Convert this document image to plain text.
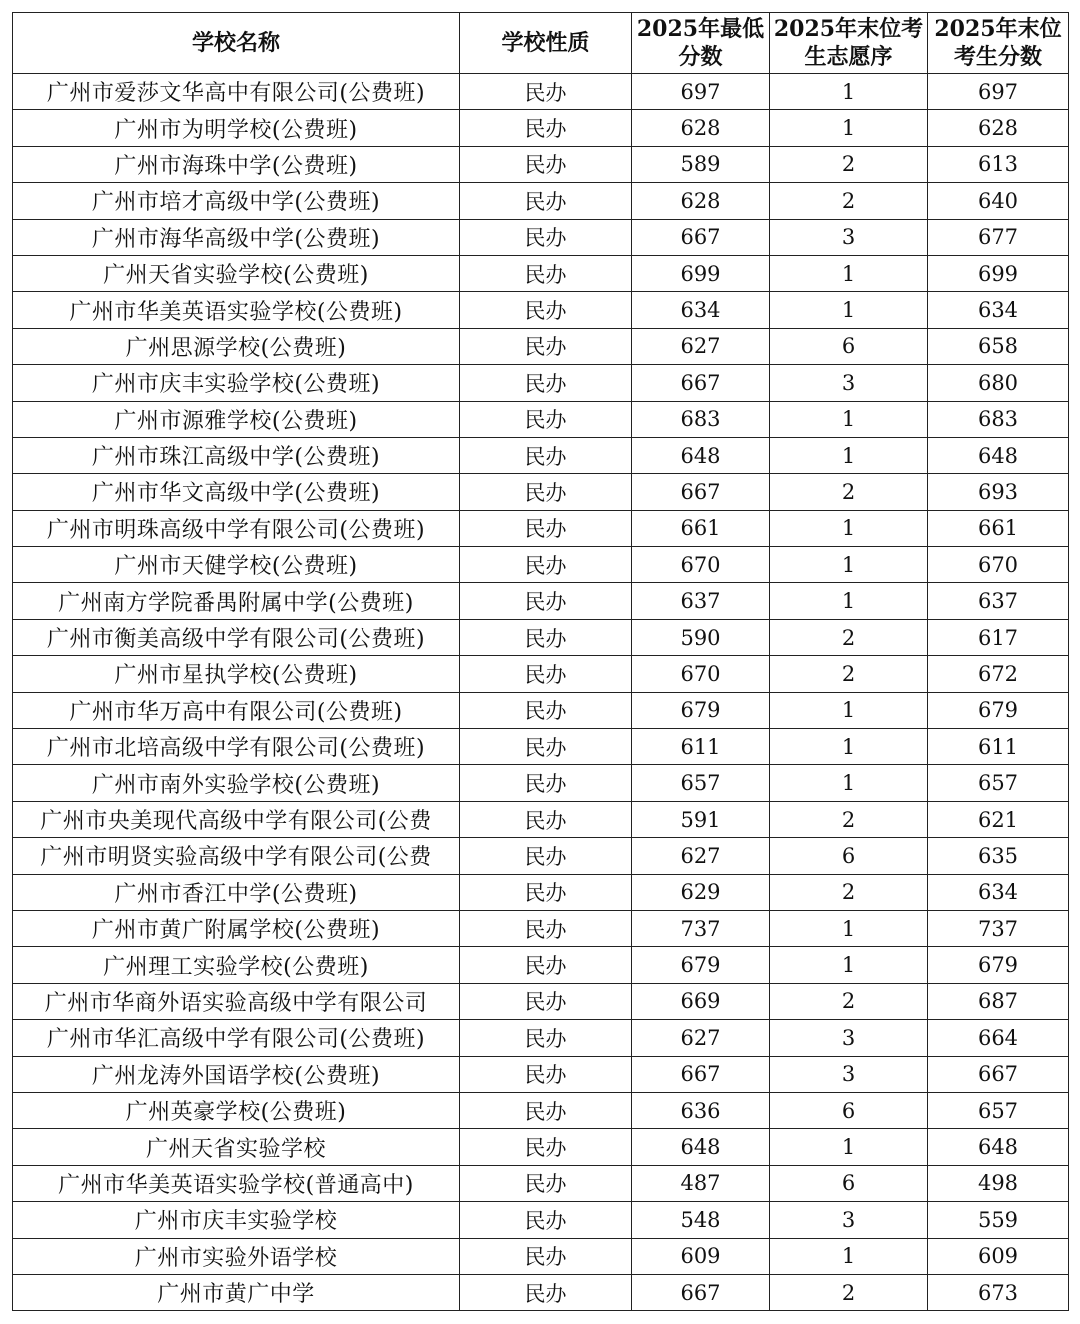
学校名称	学校性质	2025年最低分数	2025年末位考生志愿序	2025年末位考生分数
广州市爱莎文华高中有限公司(公费班)	民办	697	1	697
广州市为明学校(公费班)	民办	628	1	628
广州市海珠中学(公费班)	民办	589	2	613
广州市培才高级中学(公费班)	民办	628	2	640
广州市海华高级中学(公费班)	民办	667	3	677
广州天省实验学校(公费班)	民办	699	1	699
广州市华美英语实验学校(公费班)	民办	634	1	634
广州思源学校(公费班)	民办	627	6	658
广州市庆丰实验学校(公费班)	民办	667	3	680
广州市源雅学校(公费班)	民办	683	1	683
广州市珠江高级中学(公费班)	民办	648	1	648
广州市华文高级中学(公费班)	民办	667	2	693
广州市明珠高级中学有限公司(公费班)	民办	661	1	661
广州市天健学校(公费班)	民办	670	1	670
广州南方学院番禺附属中学(公费班)	民办	637	1	637
广州市衡美高级中学有限公司(公费班)	民办	590	2	617
广州市星执学校(公费班)	民办	670	2	672
广州市华万高中有限公司(公费班)	民办	679	1	679
广州市北培高级中学有限公司(公费班)	民办	611	1	611
广州市南外实验学校(公费班)	民办	657	1	657
广州市央美现代高级中学有限公司(公费	民办	591	2	621
广州市明贤实验高级中学有限公司(公费	民办	627	6	635
广州市香江中学(公费班)	民办	629	2	634
广州市黄广附属学校(公费班)	民办	737	1	737
广州理工实验学校(公费班)	民办	679	1	679
广州市华商外语实验高级中学有限公司	民办	669	2	687
广州市华汇高级中学有限公司(公费班)	民办	627	3	664
广州龙涛外国语学校(公费班)	民办	667	3	667
广州英豪学校(公费班)	民办	636	6	657
广州天省实验学校	民办	648	1	648
广州市华美英语实验学校(普通高中)	民办	487	6	498
广州市庆丰实验学校	民办	548	3	559
广州市实验外语学校	民办	609	1	609
广州市黄广中学	民办	667	2	673
